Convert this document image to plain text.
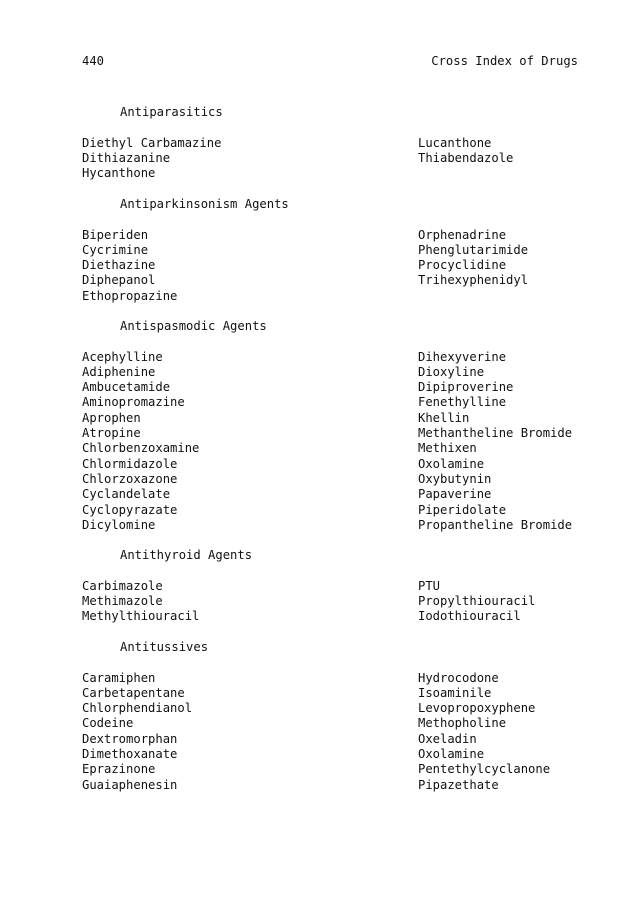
440	Cross Index of Drugs
Antiparasitics
Diethyl Carbamazine
Dithiazanine
Hycanthone
Lucanthone
Thiabendazole
Antiparkinsonism Agents
Biperiden
Cycrimine
Diethazine
Diphepanol
Ethopropazine
Orphenadrine
Phenglutarimide
Procyclidine
Trihexyphenidyl
Antispasmodic Agents
Acephylline
Adiphenine
Ambucetamide
Aminopromazine
Aprophen
Atropine
Chlorbenzoxamine
Chlormidazole
Chlorzoxazone
Cyclandelate
Cyclopyrazate
Dicylomine
Dihexyverine
Dioxyline
Dipiproverine
Fenethylline
Khellin
Methantheline Bromide
Methixen
Oxolamine
Oxybutynin
Papaverine
Piperidolate
Propantheline Bromide
Antithyroid Agents
Carbimazole
Methimazole
Methylthiouracil
PTU
Propylthiouracil
Iodothiouracil
Antitussives
Caramiphen
Carbetapentane
Chlorphendianol
Codeine
Dextromorphan
Dimethoxanate
Eprazinone
Guaiaphenesin
Hydrocodone
Isoaminile
Levopropoxyphene
Methopholine
Oxeladin
Oxolamine
Pentethylcyclanone
Pipazethate
